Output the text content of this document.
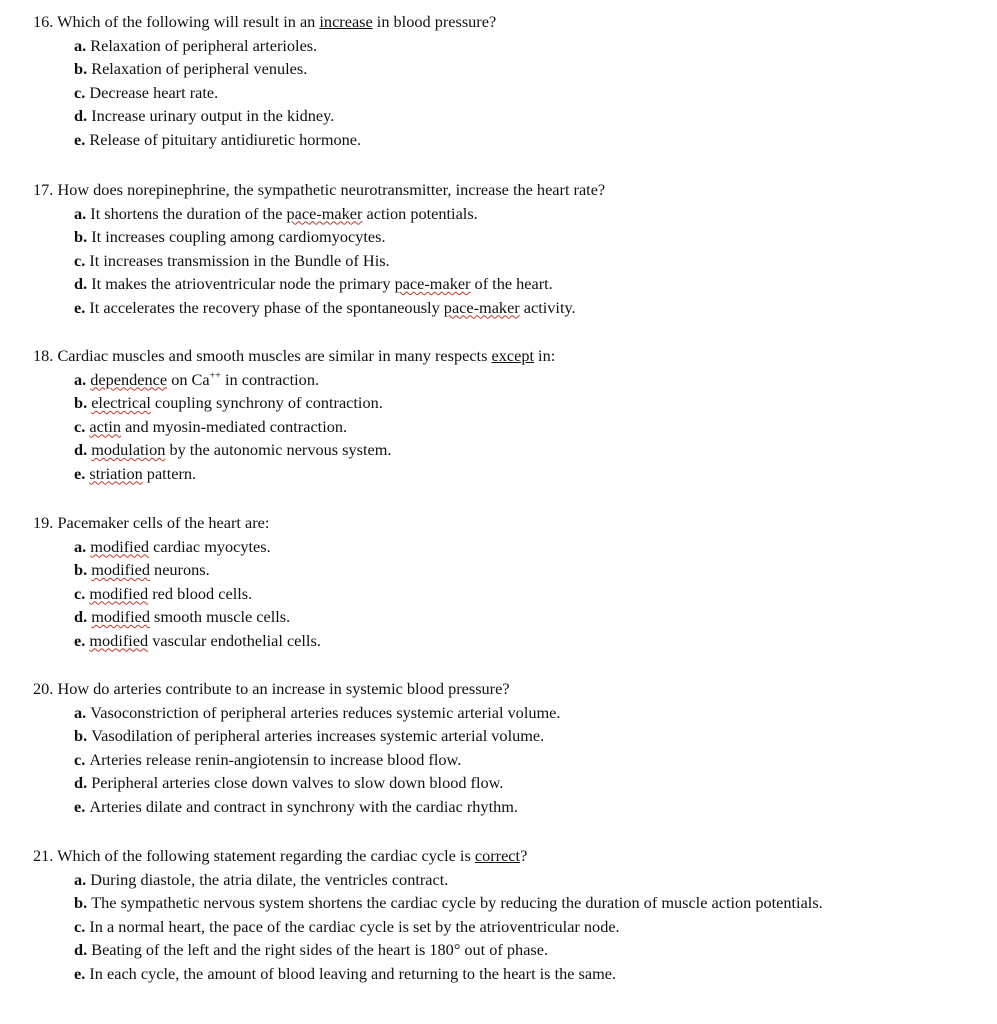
16. Which of the following will result in an increase in blood pressure?
a . Relaxation of peripheral arterioles.
b . Relaxation of peripheral venules.
c . Decrease heart rate.
d . Increase urinary output in the kidney.
e . Release of pituitary antidiuretic hormone.
17. How does norepinephrine, the sympathetic neurotransmitter, increase the heart rate?
a . It shortens the duration of the pace-maker action potentials.
b . It increases coupling among cardiomyocytes.
c . It increases transmission in the Bundle of His.
d . It makes the atrioventricular node the primary pace-maker of the heart.
e . It accelerates the recovery phase of the spontaneously pace-maker activity.
18. Cardiac muscles and smooth muscles are similar in many respects except in:
a . dependence on Ca++ in contraction.
b . electrical coupling synchrony of contraction.
c . actin and myosin-mediated contraction.
d . modulation by the autonomic nervous system.
e . striation pattern.
19. Pacemaker cells of the heart are:
a . modified cardiac myocytes.
b . modified neurons.
c . modified red blood cells.
d . modified smooth muscle cells.
e . modified vascular endothelial cells.
20. How do arteries contribute to an increase in systemic blood pressure?
a . Vasoconstriction of peripheral arteries reduces systemic arterial volume.
b . Vasodilation of peripheral arteries increases systemic arterial volume.
c . Arteries release renin-angiotensin to increase blood flow.
d . Peripheral arteries close down valves to slow down blood flow.
e . Arteries dilate and contract in synchrony with the cardiac rhythm.
21. Which of the following statement regarding the cardiac cycle is correct?
a . During diastole, the atria dilate, the ventricles contract.
b . The sympathetic nervous system shortens the cardiac cycle by reducing the duration of muscle action potentials.
c . In a normal heart, the pace of the cardiac cycle is set by the atrioventricular node.
d . Beating of the left and the right sides of the heart is 180° out of phase.
e . In each cycle, the amount of blood leaving and returning to the heart is the same.
